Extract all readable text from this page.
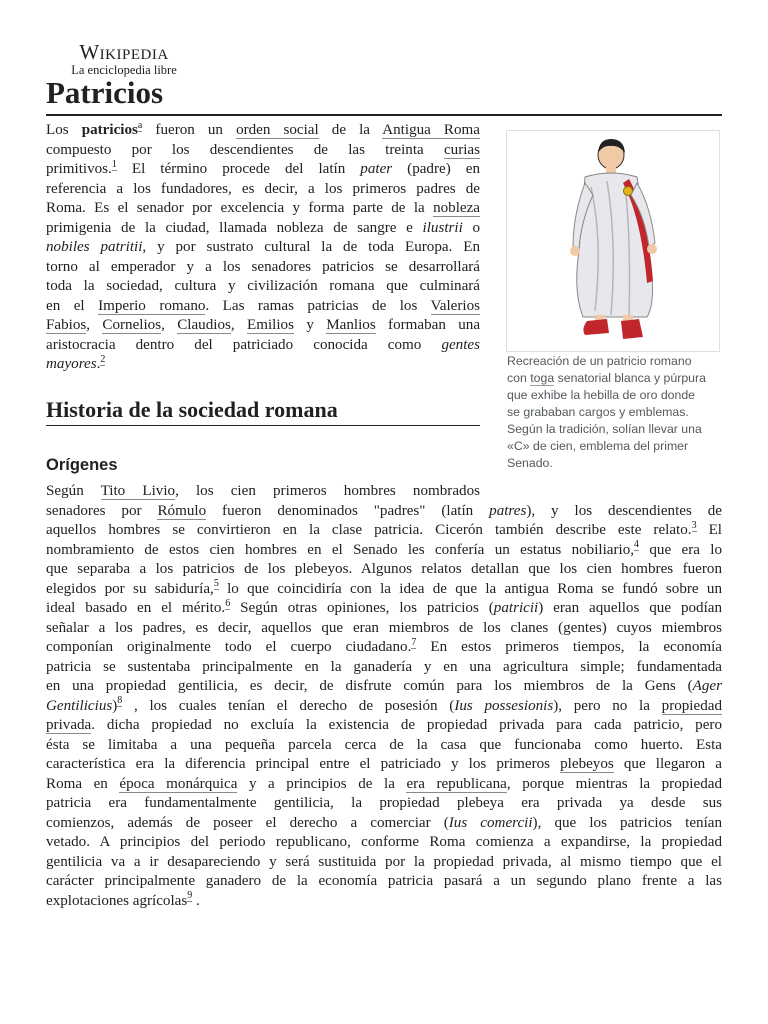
Wikipedia
La enciclopedia libre
Patricios
Los patricios$^a$ fueron un orden social de la Antigua Roma
compuesto por los descendientes de las treinta curias
primitivos.$^1$ El término procede del latín pater (padre) en
referencia a los fundadores, es decir, a los primeros padres de
Roma. Es el senador por excelencia y forma parte de la nobleza
primigenia de la ciudad, llamada nobleza de sangre e ilustrii o
nobiles patritii, y por sustrato cultural la de toda Europa. En
torno al emperador y a los senadores patricios se desarrollará
toda la sociedad, cultura y civilización romana que culminará
en el Imperio romano. Las ramas patricias de los Valerios
Fabios, Cornelios, Claudios, Emilios y Manlios formaban una
aristocracia dentro del patriciado conocida como gentes
mayores.$^2$	Recreación de un patricio romano
con toga senatorial blanca y púrpura
que exhibe la hebilla de oro donde
se grababan cargos y emblemas.
Según la tradición, solían llevar una
«C» de cien, emblema del primer
Senado.
Historia de la sociedad romana
Orígenes
Según Tito Livio, los cien primeros hombres nombrados
senadores por Rómulo fueron denominados "padres" (latín patres), y los descendientes de
aquellos hombres se convirtieron en la clase patricia. Cicerón también describe este relato.$^3$ El
nombramiento de estos cien hombres en el Senado les confería un estatus nobiliario,$^4$ que era lo
que separaba a los patricios de los plebeyos. Algunos relatos detallan que los cien hombres fueron
elegidos por su sabiduría,$^5$ lo que coincidiría con la idea de que la antigua Roma se fundó sobre un
ideal basado en el mérito.$^6$ Según otras opiniones, los patricios (patricii) eran aquellos que podían
señalar a los padres, es decir, aquellos que eran miembros de los clanes (gentes) cuyos miembros
componían originalmente todo el cuerpo ciudadano.$^7$ En estos primeros tiempos, la economía
patricia se sustentaba principalmente en la ganadería y en una agricultura simple; fundamentada
en una propiedad gentilicia, es decir, de disfrute común para los miembros de la Gens (Ager
Gentilicius)$^8$ , los cuales tenían el derecho de posesión (Ius possesionis), pero no la propiedad
privada. dicha propiedad no excluía la existencia de propiedad privada para cada patricio, pero
ésta se limitaba a una pequeña parcela cerca de la casa que funcionaba como huerto. Esta
característica era la diferencia principal entre el patriciado y los primeros plebeyos que llegaron a
Roma en época monárquica y a principios de la era republicana, porque mientras la propiedad
patricia era fundamentalmente gentilicia, la propiedad plebeya era privada ya desde sus
comienzos, además de poseer el derecho a comerciar (Ius comercii), que los patricios tenían
vetado. A principios del periodo republicano, conforme Roma comienza a expandirse, la propiedad
gentilicia va a ir desapareciendo y será sustituida por la propiedad privada, al mismo tiempo que el
carácter principalmente ganadero de la economía patricia pasará a un segundo plano frente a las
explotaciones agrícolas$^9$ .
